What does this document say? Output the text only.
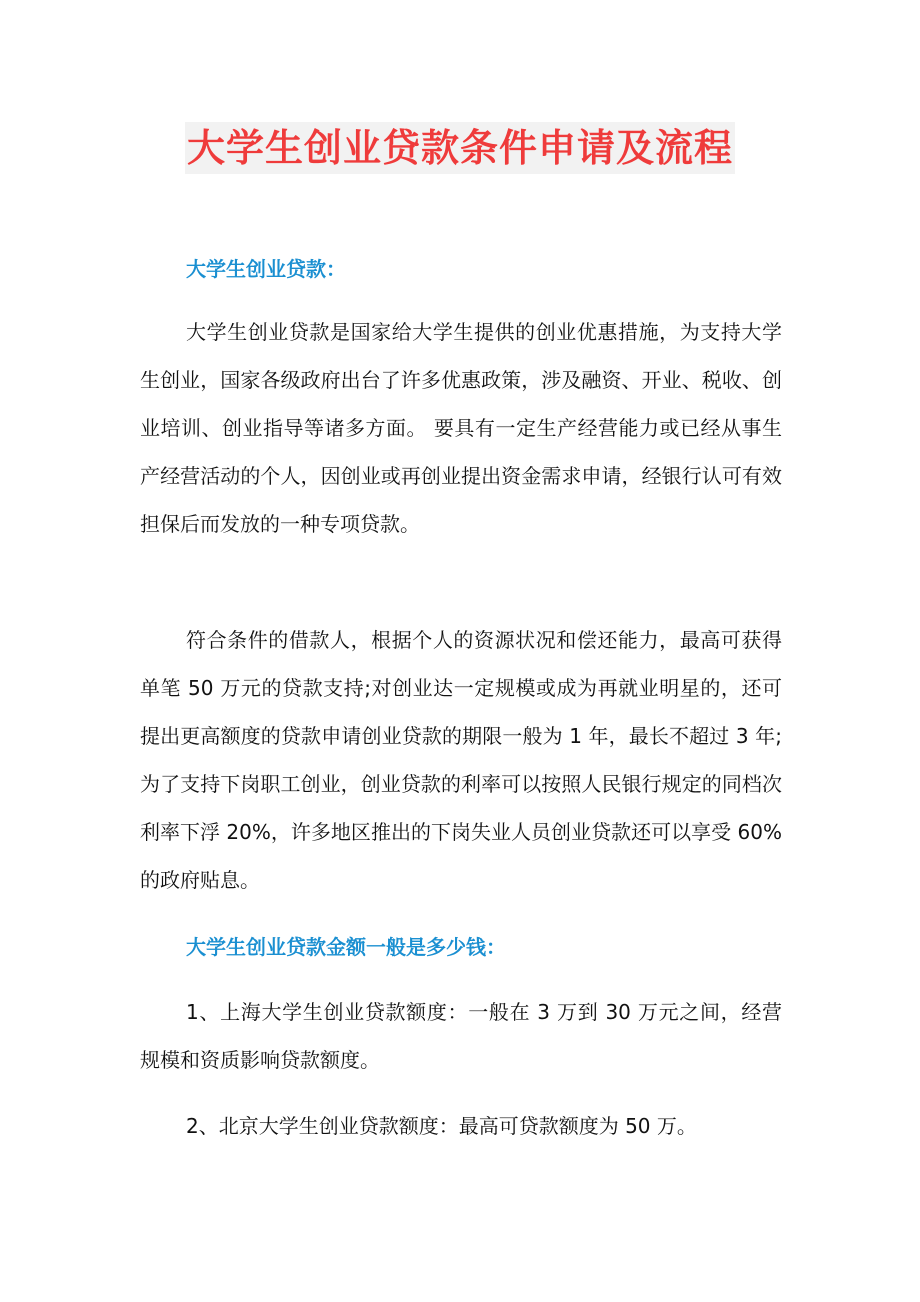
大学生创业贷款条件申请及流程
大学生创业贷款：

大学生创业贷款是国家给大学生提供的创业优惠措施，为支持大学生创业，国家各级政府出台了许多优惠政策，涉及融资、开业、税收、创业培训、创业指导等诸多方面。 要具有一定生产经营能力或已经从事生产经营活动的个人，因创业或再创业提出资金需求申请，经银行认可有效担保后而发放的一种专项贷款。

符合条件的借款人，根据个人的资源状况和偿还能力，最高可获得单笔 50 万元的贷款支持;对创业达一定规模或成为再就业明星的，还可提出更高额度的贷款申请创业贷款的期限一般为 1 年，最长不超过 3 年;为了支持下岗职工创业，创业贷款的利率可以按照人民银行规定的同档次利率下浮 20%，许多地区推出的下岗失业人员创业贷款还可以享受 60%的政府贴息。

大学生创业贷款金额一般是多少钱：

1、上海大学生创业贷款额度：一般在 3 万到 30 万元之间，经营规模和资质影响贷款额度。

2、北京大学生创业贷款额度：最高可贷款额度为 50 万。
